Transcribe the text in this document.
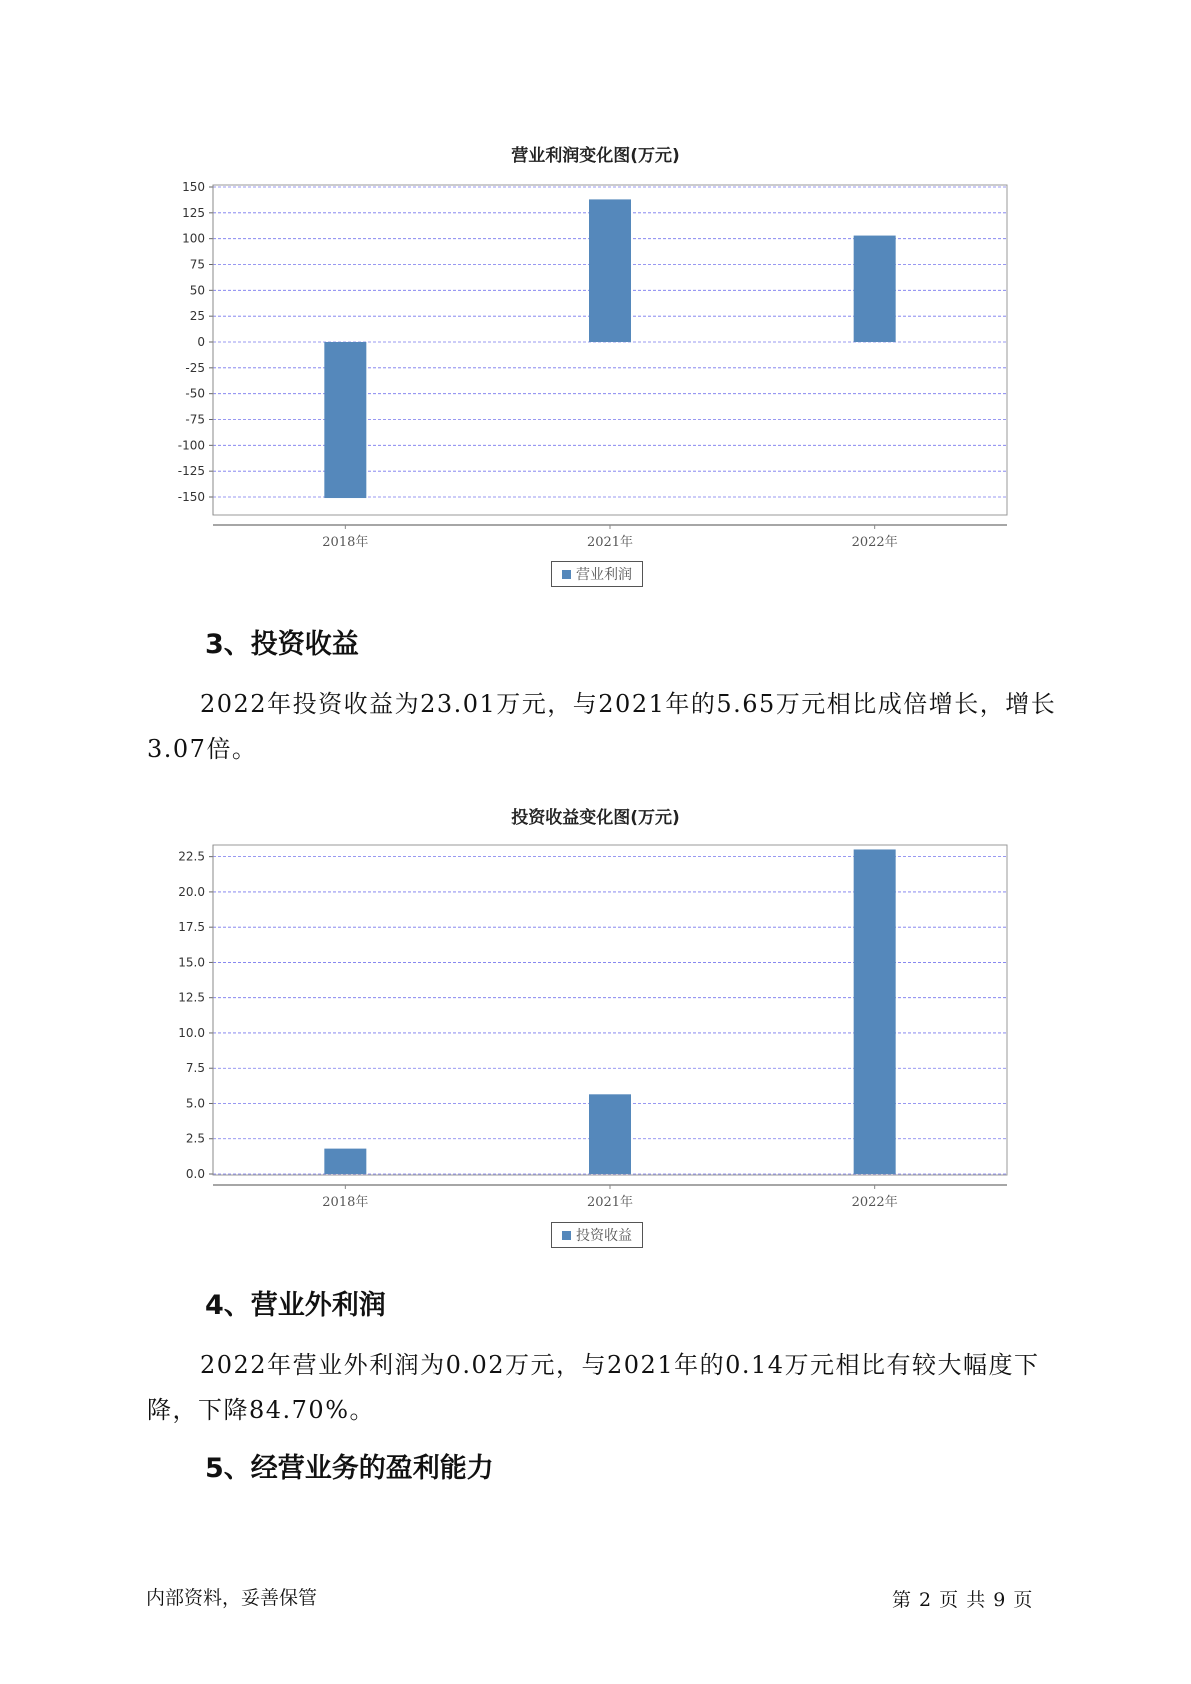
营业利润变化图(万元)
150
125
100
75
50
25
0
-25
-50
-75
-100
-125
-150
2018年	2021年	2022年
营业利润
3、投资收益

2022年投资收益为23.01万元，与2021年的5.65万元相比成倍增长，增长3.07倍。

投资收益变化图(万元)
0.0
2.5
5.0
7.5
10.0
12.5
15.0
17.5
20.0
22.5
2018年	2021年	2022年
投资收益
4、营业外利润

2022年营业外利润为0.02万元，与2021年的0.14万元相比有较大幅度下降，下降84.70%。

5、经营业务的盈利能力
内部资料，妥善保管	第 2 页 共 9 页
